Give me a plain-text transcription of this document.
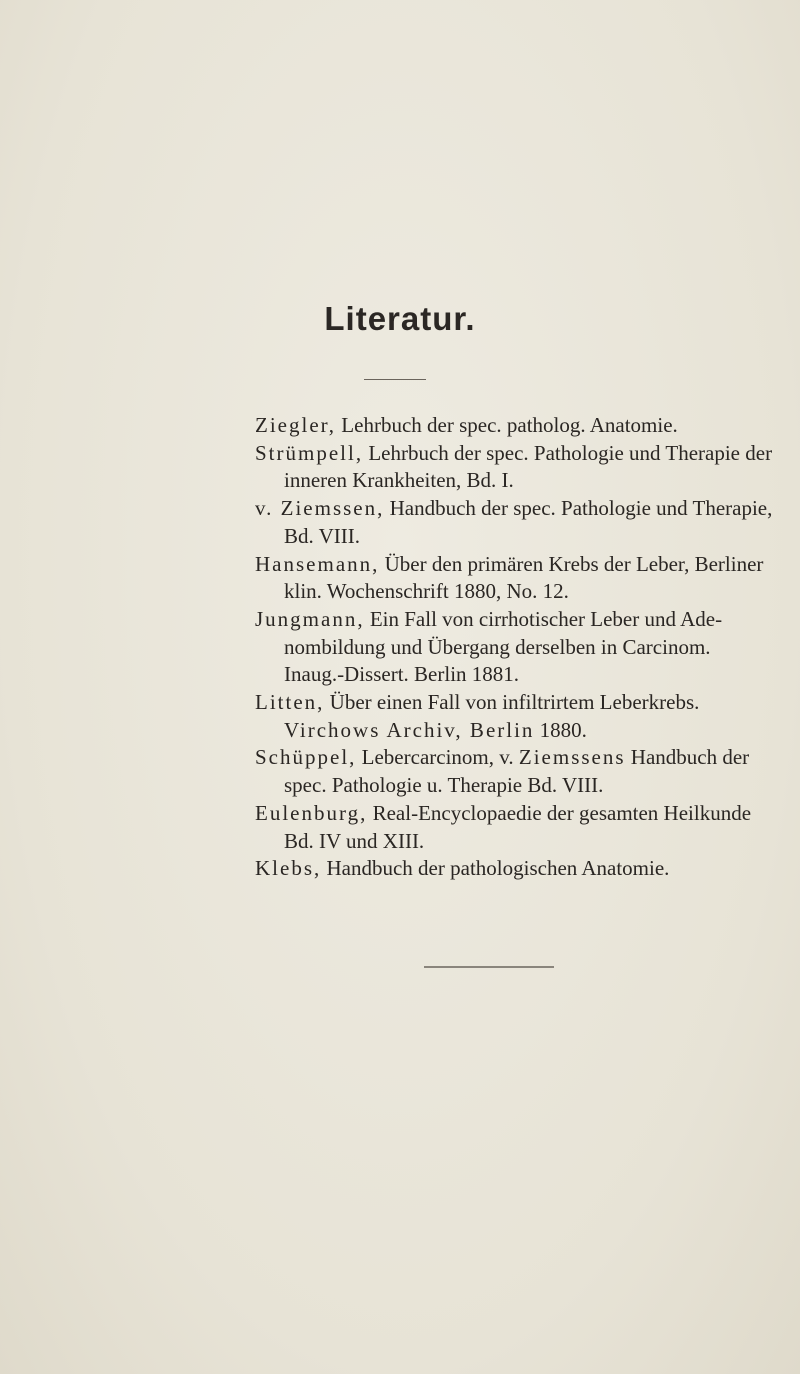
Literatur.

Ziegler, Lehrbuch der spec. patholog. Anatomie.

Strümpell, Lehrbuch der spec. Pathologie und Therapie der inneren Krankheiten, Bd. I.

v. Ziemssen, Handbuch der spec. Pathologie und Therapie, Bd. VIII.

Hansemann, Über den primären Krebs der Leber, Berliner klin. Wochenschrift 1880, No. 12.

Jungmann, Ein Fall von cirrhotischer Leber und Adenombildung und Übergang derselben in Carcinom. Inaug.-Dissert. Berlin 1881.

Litten, Über einen Fall von infiltrirtem Leberkrebs. Virchows Archiv, Berlin 1880.

Schüppel, Lebercarcinom, v. Ziemssens Handbuch der spec. Pathologie u. Therapie Bd. VIII.

Eulenburg, Real-Encyclopaedie der gesamten Heilkunde Bd. IV und XIII.

Klebs, Handbuch der pathologischen Anatomie.
